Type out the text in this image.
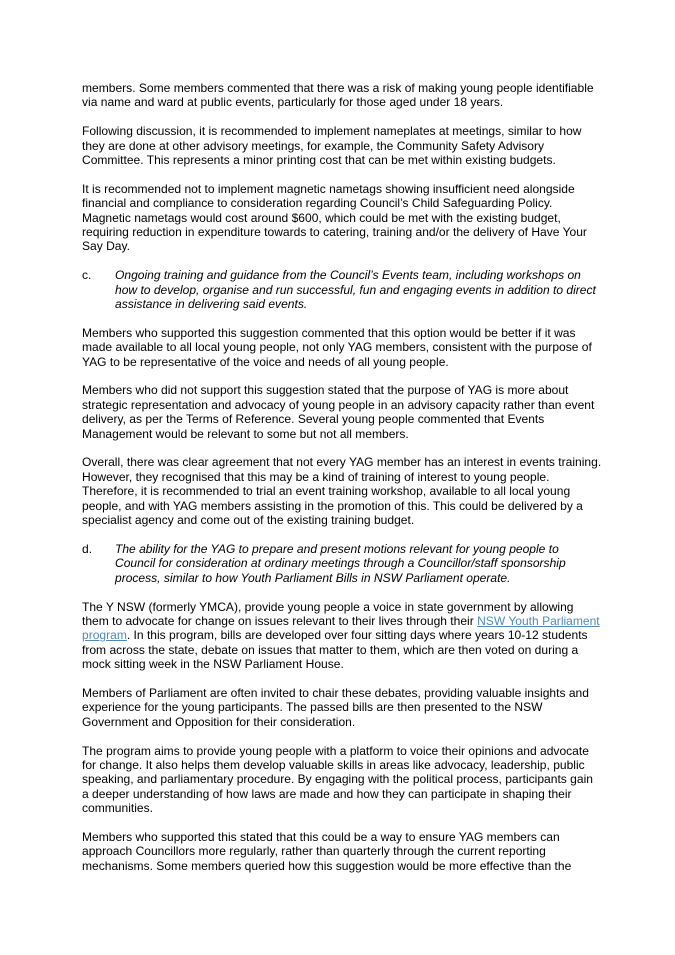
members. Some members commented that there was a risk of making young people identifiable via name and ward at public events, particularly for those aged under 18 years.

Following discussion, it is recommended to implement nameplates at meetings, similar to how they are done at other advisory meetings, for example, the Community Safety Advisory Committee. This represents a minor printing cost that can be met within existing budgets.

It is recommended not to implement magnetic nametags showing insufficient need alongside financial and compliance to consideration regarding Council’s Child Safeguarding Policy. Magnetic nametags would cost around $600, which could be met with the existing budget, requiring reduction in expenditure towards to catering, training and/or the delivery of Have Your Say Day.

c.	Ongoing training and guidance from the Council’s Events team, including workshops on how to develop, organise and run successful, fun and engaging events in addition to direct assistance in delivering said events.

Members who supported this suggestion commented that this option would be better if it was made available to all local young people, not only YAG members, consistent with the purpose of YAG to be representative of the voice and needs of all young people.

Members who did not support this suggestion stated that the purpose of YAG is more about strategic representation and advocacy of young people in an advisory capacity rather than event delivery, as per the Terms of Reference. Several young people commented that Events Management would be relevant to some but not all members.

Overall, there was clear agreement that not every YAG member has an interest in events training. However, they recognised that this may be a kind of training of interest to young people. Therefore, it is recommended to trial an event training workshop, available to all local young people, and with YAG members assisting in the promotion of this. This could be delivered by a specialist agency and come out of the existing training budget.

d.	The ability for the YAG to prepare and present motions relevant for young people to Council for consideration at ordinary meetings through a Councillor/staff sponsorship process, similar to how Youth Parliament Bills in NSW Parliament operate.

The Y NSW (formerly YMCA), provide young people a voice in state government by allowing them to advocate for change on issues relevant to their lives through their NSW Youth Parliament program. In this program, bills are developed over four sitting days where years 10-12 students from across the state, debate on issues that matter to them, which are then voted on during a mock sitting week in the NSW Parliament House.

Members of Parliament are often invited to chair these debates, providing valuable insights and experience for the young participants. The passed bills are then presented to the NSW Government and Opposition for their consideration.

The program aims to provide young people with a platform to voice their opinions and advocate for change. It also helps them develop valuable skills in areas like advocacy, leadership, public speaking, and parliamentary procedure. By engaging with the political process, participants gain a deeper understanding of how laws are made and how they can participate in shaping their communities.

Members who supported this stated that this could be a way to ensure YAG members can approach Councillors more regularly, rather than quarterly through the current reporting mechanisms. Some members queried how this suggestion would be more effective than the
